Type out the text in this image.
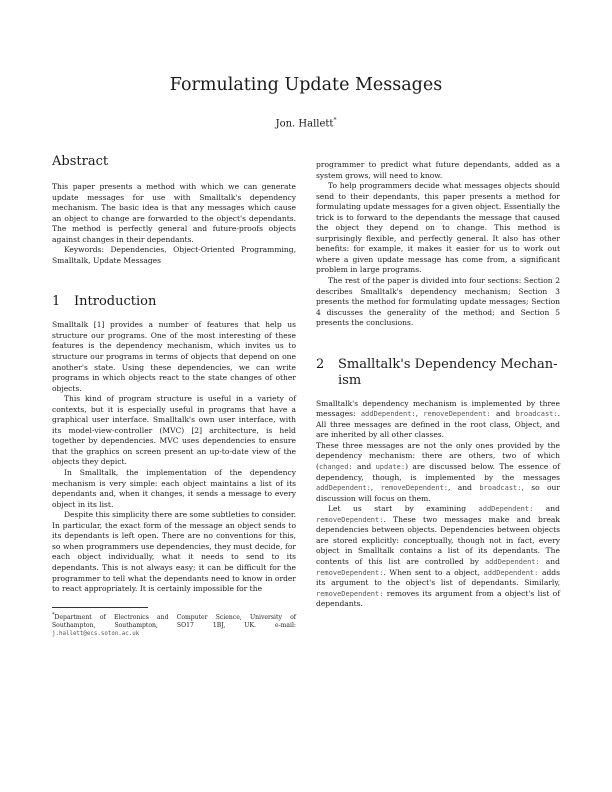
Formulating Update Messages
Jon. Hallett*
Abstract

This paper presents a method with which we can generate update messages for use with Smalltalk's dependency mechanism. The basic idea is that any messages which cause an object to change are forwarded to the object's dependants. The method is perfectly general and future-proofs objects against changes in their dependants.

Keywords: Dependencies, Object-Oriented Programming, Smalltalk, Update Messages

1 Introduction

Smalltalk [1] provides a number of features that help us structure our programs. One of the most interesting of these features is the dependency mechanism, which invites us to structure our programs in terms of objects that depend on one another's state. Using these dependencies, we can write programs in which objects react to the state changes of other objects.

This kind of program structure is useful in a variety of contexts, but it is especially useful in programs that have a graphical user interface. Smalltalk's own user interface, with its model-view-controller (MVC) [2] architecture, is held together by dependencies. MVC uses dependencies to ensure that the graphics on screen present an up-to-date view of the objects they depict.

In Smalltalk, the implementation of the dependency mechanism is very simple: each object maintains a list of its dependants and, when it changes, it sends a message to every object in its list.

Despite this simplicity there are some subtleties to consider. In particular, the exact form of the message an object sends to its dependants is left open. There are no conventions for this, so when programmers use dependencies, they must decide, for each object individually, what it needs to send to its dependants. This is not always easy; it can be difficult for the programmer to tell what the dependants need to know in order to react appropriately. It is certainly impossible for the

*Department of Electronics and Computer Science, University of Southampton, Southampton, SO17 1BJ, UK. e-mail: j.hallett@ecs.soton.ac.uk

programmer to predict what future dependants, added as a system grows, will need to know.

To help programmers decide what messages objects should send to their dependants, this paper presents a method for formulating update messages for a given object. Essentially the trick is to forward to the dependants the message that caused the object they depend on to change. This method is surprisingly flexible, and perfectly general. It also has other benefits: for example, it makes it easier for us to work out where a given update message has come from, a significant problem in large programs.

The rest of the paper is divided into four sections: Section 2 describes Smalltalk's dependency mechanism; Section 3 presents the method for formulating update messages; Section 4 discusses the generality of the method; and Section 5 presents the conclusions.

2 Smalltalk's Dependency Mechan-
ism

Smalltalk's dependency mechanism is implemented by three messages: addDependent:, removeDependent: and broadcast:. All three messages are defined in the root class, Object, and are inherited by all other classes.

These three messages are not the only ones provided by the dependency mechanism: there are others, two of which (changed: and update:) are discussed below. The essence of dependency, though, is implemented by the messages addDependent:, removeDependent:, and broadcast:, so our discussion will focus on them.

Let us start by examining addDependent: and removeDependent:. These two messages make and break dependencies between objects. Dependencies between objects are stored explicitly: conceptually, though not in fact, every object in Smalltalk contains a list of its dependants. The contents of this list are controlled by addDependent: and removeDependent:. When sent to a object, addDependent: adds its argument to the object's list of dependants. Similarly, removeDependent: removes its argument from a object's list of dependants.
